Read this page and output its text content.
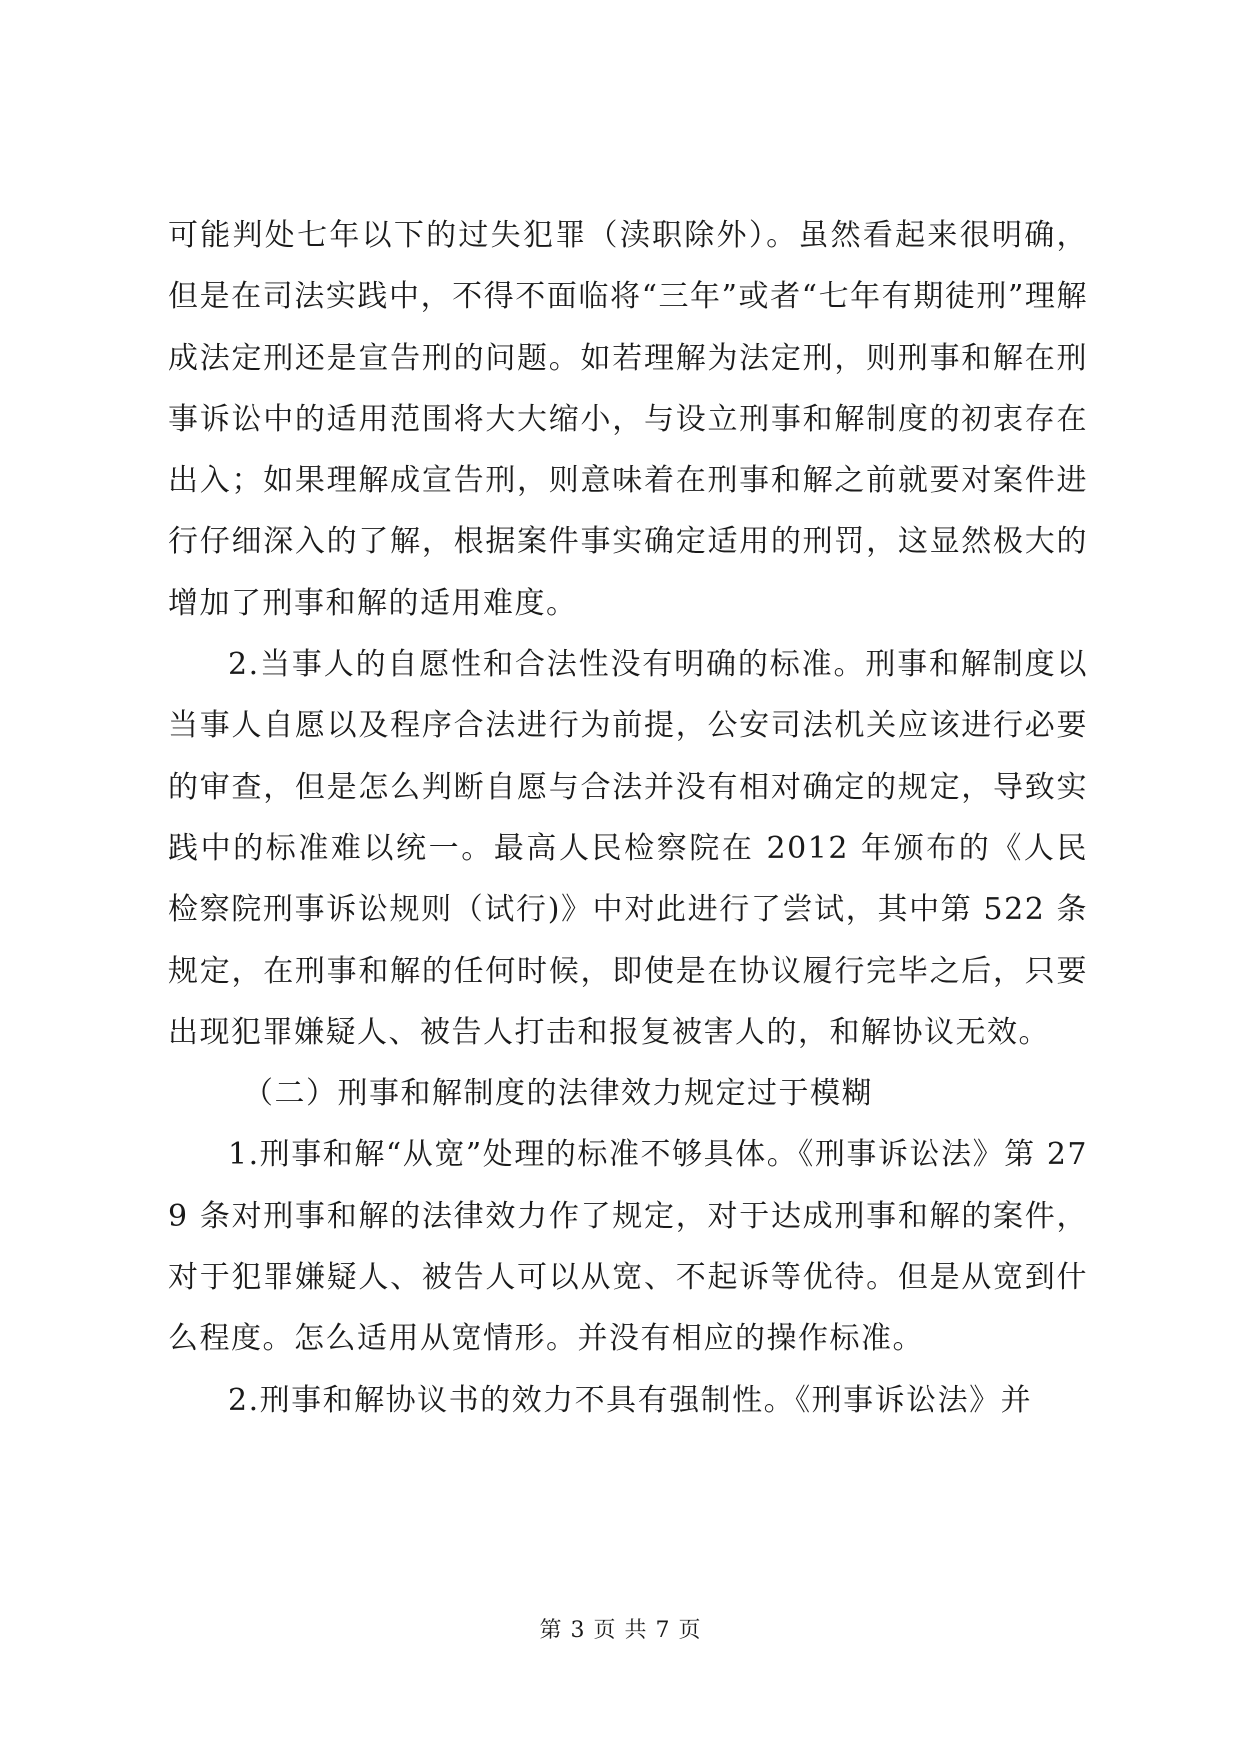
可能判处七年以下的过失犯罪（渎职除外）。虽然看起来很明确，但是在司法实践中，不得不面临将“三年”或者“七年有期徒刑”理解成法定刑还是宣告刑的问题。如若理解为法定刑，则刑事和解在刑事诉讼中的适用范围将大大缩小，与设立刑事和解制度的初衷存在出入；如果理解成宣告刑，则意味着在刑事和解之前就要对案件进行仔细深入的了解，根据案件事实确定适用的刑罚，这显然极大的增加了刑事和解的适用难度。

2.当事人的自愿性和合法性没有明确的标准。刑事和解制度以当事人自愿以及程序合法进行为前提，公安司法机关应该进行必要的审查，但是怎么判断自愿与合法并没有相对确定的规定，导致实践中的标准难以统一。最高人民检察院在 2012 年颁布的《人民检察院刑事诉讼规则（试行)》中对此进行了尝试，其中第 522 条规定，在刑事和解的任何时候，即使是在协议履行完毕之后，只要出现犯罪嫌疑人、被告人打击和报复被害人的，和解协议无效。

（二）刑事和解制度的法律效力规定过于模糊

1.刑事和解“从宽”处理的标准不够具体。《刑事诉讼法》第 279 条对刑事和解的法律效力作了规定，对于达成刑事和解的案件，对于犯罪嫌疑人、被告人可以从宽、不起诉等优待。但是从宽到什么程度。怎么适用从宽情形。并没有相应的操作标准。

2.刑事和解协议书的效力不具有强制性。《刑事诉讼法》并

第 3 页 共 7 页
